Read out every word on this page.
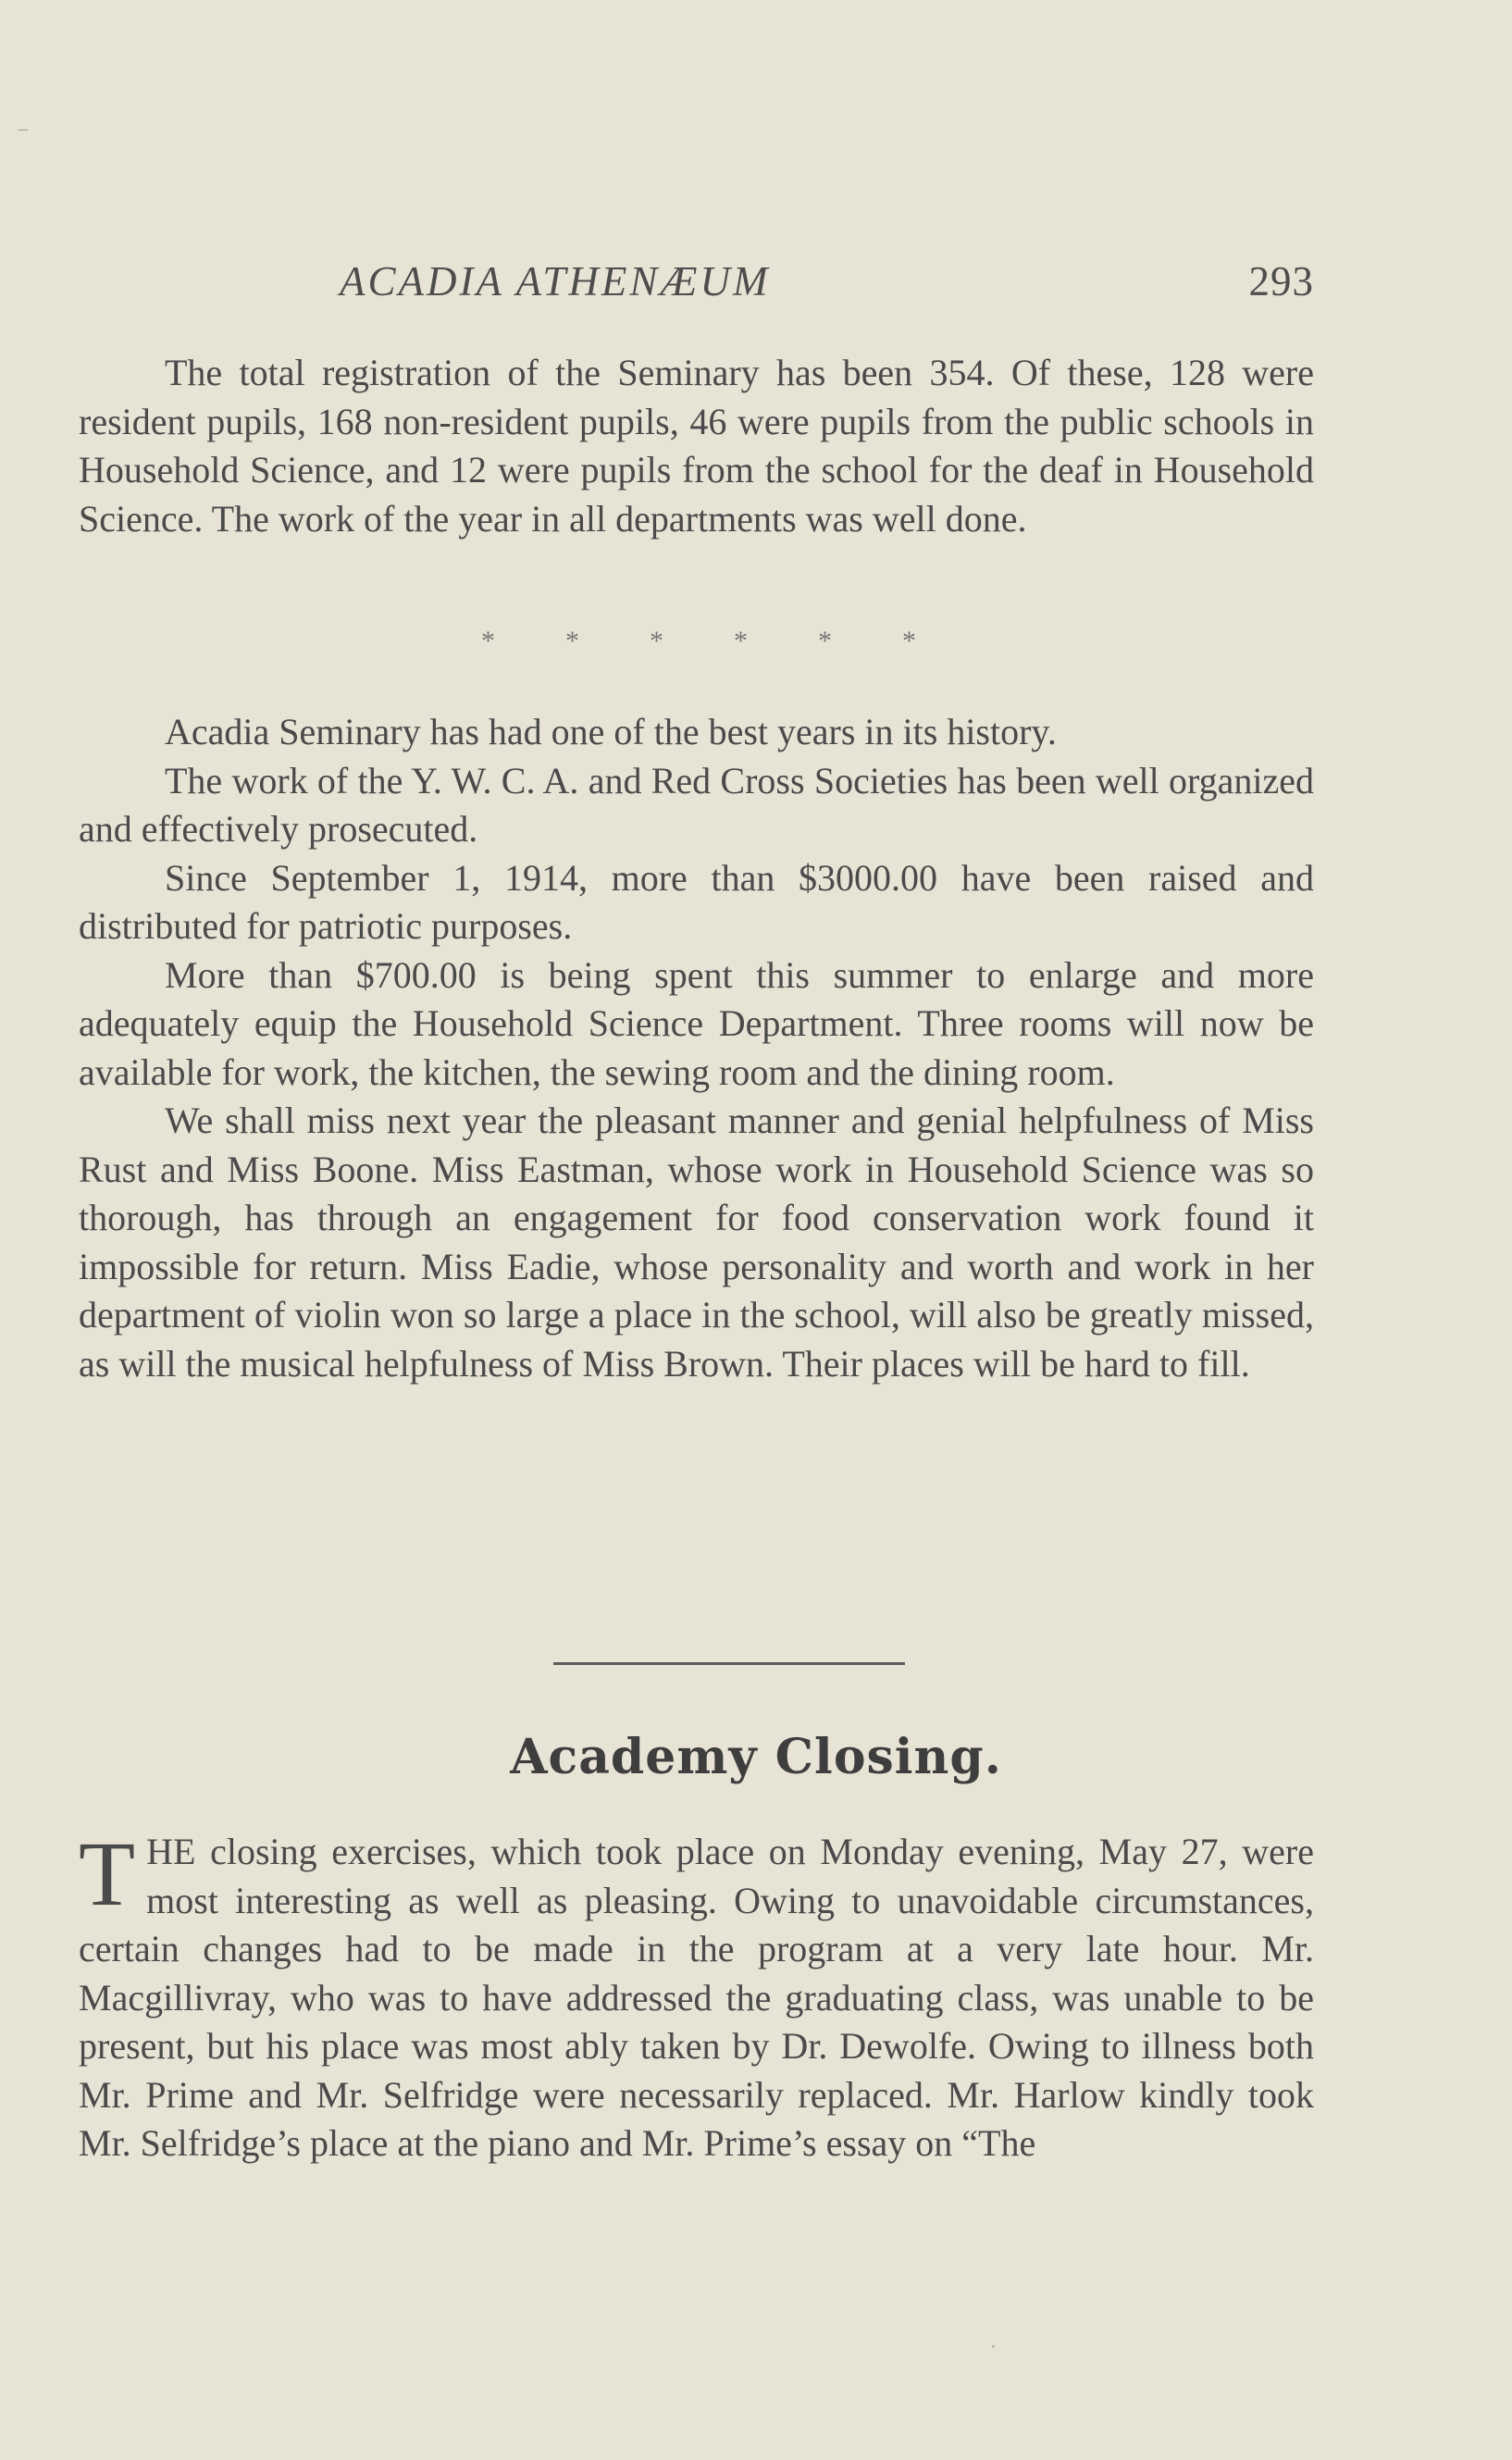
ACADIA ATHENÆUM	293

The total registration of the Seminary has been 354. Of these, 128 were resident pupils, 168 non-resident pupils, 46 were pupils from the public schools in Household Science, and 12 were pupils from the school for the deaf in Household Science. The work of the year in all departments was well done.

*	*	*	*	*	*

Acadia Seminary has had one of the best years in its history.

The work of the Y. W. C. A. and Red Cross Societies has been well organized and effectively prosecuted.

Since September 1, 1914, more than $3000.00 have been raised and distributed for patriotic purposes.

More than $700.00 is being spent this summer to enlarge and more adequately equip the Household Science Department. Three rooms will now be available for work, the kitchen, the sewing room and the dining room.

We shall miss next year the pleasant manner and genial helpfulness of Miss Rust and Miss Boone. Miss Eastman, whose work in Household Science was so thorough, has through an engagement for food conservation work found it impossible for return. Miss Eadie, whose personality and worth and work in her department of violin won so large a place in the school, will also be greatly missed, as will the musical helpfulness of Miss Brown. Their places will be hard to fill.

Academy Closing.

THE closing exercises, which took place on Monday evening, May 27, were most interesting as well as pleasing. Owing to unavoidable circumstances, certain changes had to be made in the program at a very late hour. Mr. Macgillivray, who was to have addressed the graduating class, was unable to be present, but his place was most ably taken by Dr. Dewolfe. Owing to illness both Mr. Prime and Mr. Selfridge were necessarily replaced. Mr. Harlow kindly took Mr. Selfridge’s place at the piano and Mr. Prime’s essay on “The

–
·
